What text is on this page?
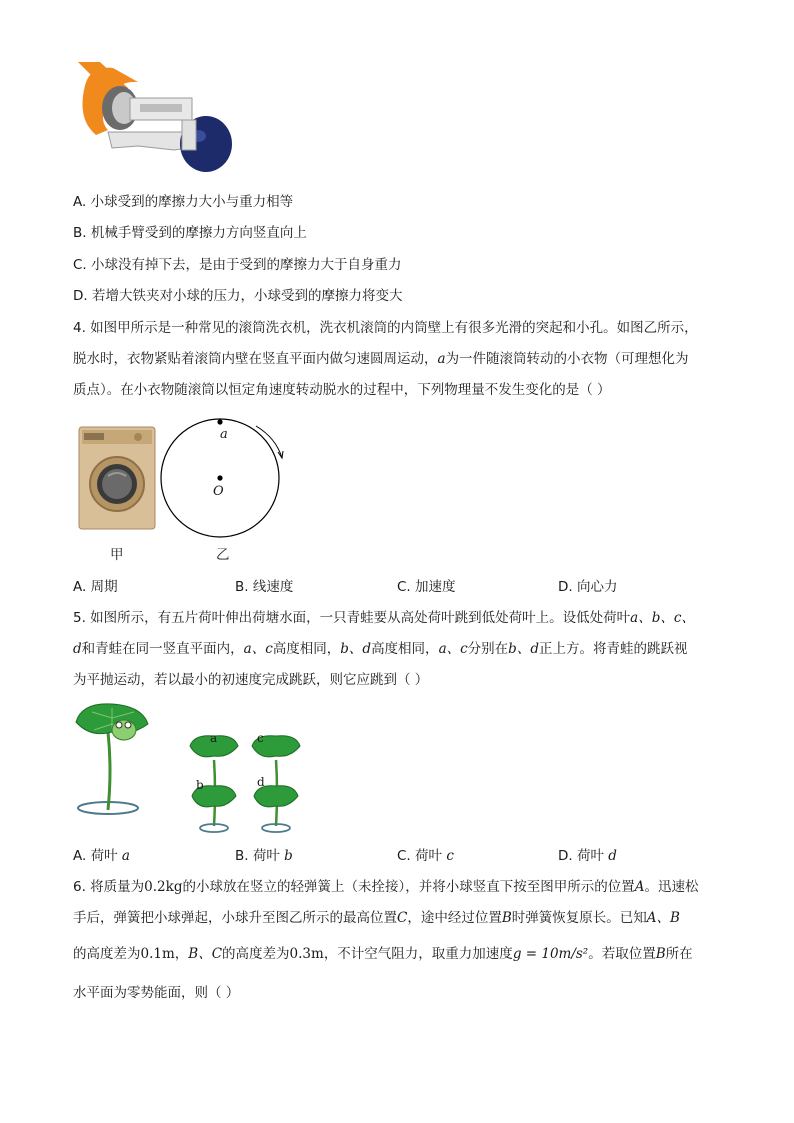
A. 小球受到的摩擦力大小与重力相等
B. 机械手臂受到的摩擦力方向竖直向上
C. 小球没有掉下去，是由于受到的摩擦力大于自身重力
D. 若增大铁夹对小球的压力，小球受到的摩擦力将变大
4. 如图甲所示是一种常见的滚筒洗衣机，洗衣机滚筒的内筒壁上有很多光滑的突起和小孔。如图乙所示，
脱水时，衣物紧贴着滚筒内壁在竖直平面内做匀速圆周运动，a为一件随滚筒转动的小衣物（可理想化为
质点）。在小衣物随滚筒以恒定角速度转动脱水的过程中，下列物理量不发生变化的是（ ）
甲
a
O
乙
A. 周期	B. 线速度	C. 加速度	D. 向心力
5. 如图所示，有五片荷叶伸出荷塘水面，一只青蛙要从高处荷叶跳到低处荷叶上。设低处荷叶a、b、c、
d和青蛙在同一竖直平面内，a、c高度相同，b、d高度相同，a、c分别在b、d正上方。将青蛙的跳跃视
为平抛运动，若以最小的初速度完成跳跃，则它应跳到（ ）
a	c
b	d
A. 荷叶 a	B. 荷叶 b	C. 荷叶 c	D. 荷叶 d
6. 将质量为0.2kg的小球放在竖立的轻弹簧上（未拴接），并将小球竖直下按至图甲所示的位置A。迅速松
手后，弹簧把小球弹起，小球升至图乙所示的最高位置C，途中经过位置B时弹簧恢复原长。已知A、B
的高度差为0.1m，B、C的高度差为0.3m，不计空气阻力，取重力加速度g = 10m/s²。若取位置B所在
水平面为零势能面，则（ ）
